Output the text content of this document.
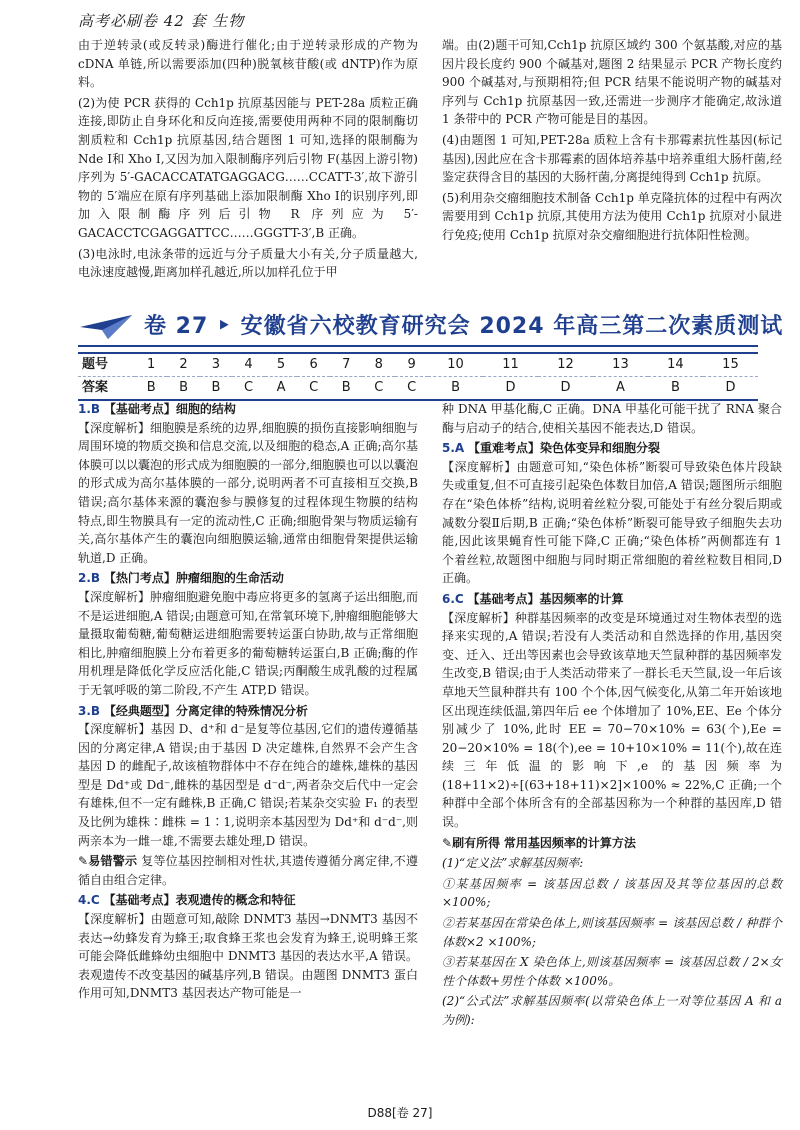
高考必刷卷 42 套 生物

由于逆转录(或反转录)酶进行催化;由于逆转录形成的产物为 cDNA 单链,所以需要添加(四种)脱氧核苷酸(或 dNTP)作为原料。

(2)为使 PCR 获得的 Cch1p 抗原基因能与 PET-28a 质粒正确连接,即防止自身环化和反向连接,需要使用两种不同的限制酶切割质粒和 Cch1p 抗原基因,结合题图 1 可知,选择的限制酶为 Nde Ⅰ和 Xho Ⅰ,又因为加入限制酶序列后引物 F(基因上游引物)序列为 5′-GACACCATATGAGGACG……CCATT-3′,故下游引物的 5′端应在原有序列基础上添加限制酶 Xho Ⅰ的识别序列,即加入限制酶序列后引物 R 序列应为 5′-GACACCTCGAGGATTCC……GGGTT-3′,B 正确。

(3)电泳时,电泳条带的远近与分子质量大小有关,分子质量越大,电泳速度越慢,距离加样孔越近,所以加样孔位于甲

端。由(2)题干可知,Cch1p 抗原区域约 300 个氨基酸,对应的基因片段长度约 900 个碱基对,题图 2 结果显示 PCR 产物长度约 900 个碱基对,与预期相符;但 PCR 结果不能说明产物的碱基对序列与 Cch1p 抗原基因一致,还需进一步测序才能确定,故泳道 1 条带中的 PCR 产物可能是目的基因。

(4)由题图 1 可知,PET-28a 质粒上含有卡那霉素抗性基因(标记基因),因此应在含卡那霉素的固体培养基中培养重组大肠杆菌,经鉴定获得含目的基因的大肠杆菌,分离提纯得到 Cch1p 抗原。

(5)利用杂交瘤细胞技术制备 Cch1p 单克隆抗体的过程中有两次需要用到 Cch1p 抗原,其使用方法为使用 Cch1p 抗原对小鼠进行免疫;使用 Cch1p 抗原对杂交瘤细胞进行抗体阳性检测。

卷 27 ‣ 安徽省六校教育研究会 2024 年高三第二次素质测试
题号	1	2	3	4	5	6	7	8	9	10	11	12	13	14	15
答案	B	B	B	C	A	C	B	C	C	B	D	D	A	B	D

1.B 【基础考点】细胞的结构
【深度解析】细胞膜是系统的边界,细胞膜的损伤直接影响细胞与周围环境的物质交换和信息交流,以及细胞的稳态,A 正确;高尔基体膜可以以囊泡的形式成为细胞膜的一部分,细胞膜也可以以囊泡的形式成为高尔基体膜的一部分,说明两者不可直接相互交换,B 错误;高尔基体来源的囊泡参与膜修复的过程体现生物膜的结构特点,即生物膜具有一定的流动性,C 正确;细胞骨架与物质运输有关,高尔基体产生的囊泡向细胞膜运输,通常由细胞骨架提供运输轨道,D 正确。

2.B 【热门考点】肿瘤细胞的生命活动
【深度解析】肿瘤细胞避免胞中毒应将更多的氢离子运出细胞,而不是运进细胞,A 错误;由题意可知,在常氧环境下,肿瘤细胞能够大量摄取葡萄糖,葡萄糖运进细胞需要转运蛋白协助,故与正常细胞相比,肿瘤细胞膜上分布着更多的葡萄糖转运蛋白,B 正确;酶的作用机理是降低化学反应活化能,C 错误;丙酮酸生成乳酸的过程属于无氧呼吸的第二阶段,不产生 ATP,D 错误。

3.B 【经典题型】分离定律的特殊情况分析
【深度解析】基因 D、d⁺和 d⁻是复等位基因,它们的遗传遵循基因的分离定律,A 错误;由于基因 D 决定雄株,自然界不会产生含基因 D 的雌配子,故该植物群体中不存在纯合的雄株,雄株的基因型是 Dd⁺或 Dd⁻,雌株的基因型是 d⁻d⁻,两者杂交后代中一定会有雄株,但不一定有雌株,B 正确,C 错误;若某杂交实验 F₁ 的表型及比例为雄株∶雌株 = 1∶1,说明亲本基因型为 Dd⁺和 d⁻d⁻,则两亲本为一雌一雄,不需要去雄处理,D 错误。

✎易错警示 复等位基因控制相对性状,其遗传遵循分离定律,不遵循自由组合定律。

4.C 【基础考点】表观遗传的概念和特征
【深度解析】由题意可知,敲除 DNMT3 基因→DNMT3 基因不表达→幼蜂发育为蜂王;取食蜂王浆也会发育为蜂王,说明蜂王浆可能会降低雌蜂幼虫细胞中 DNMT3 基因的表达水平,A 错误。表观遗传不改变基因的碱基序列,B 错误。由题图 DNMT3 蛋白作用可知,DNMT3 基因表达产物可能是一

种 DNA 甲基化酶,C 正确。DNA 甲基化可能干扰了 RNA 聚合酶与启动子的结合,使相关基因不能表达,D 错误。

5.A 【重难考点】染色体变异和细胞分裂
【深度解析】由题意可知,“染色体桥”断裂可导致染色体片段缺失或重复,但不可直接引起染色体数目加倍,A 错误;题图所示细胞存在“染色体桥”结构,说明着丝粒分裂,可能处于有丝分裂后期或减数分裂Ⅱ后期,B 正确;“染色体桥”断裂可能导致子细胞失去功能,因此该果蝇育性可能下降,C 正确;“染色体桥”两侧都连有 1 个着丝粒,故题图中细胞与同时期正常细胞的着丝粒数目相同,D 正确。

6.C 【基础考点】基因频率的计算
【深度解析】种群基因频率的改变是环境通过对生物体表型的选择来实现的,A 错误;若没有人类活动和自然选择的作用,基因突变、迁入、迁出等因素也会导致该草地天竺鼠种群的基因频率发生改变,B 错误;由于人类活动带来了一群长毛天竺鼠,设一年后该草地天竺鼠种群共有 100 个个体,因气候变化,从第二年开始该地区出现连续低温,第四年后 ee 个体增加了 10%,EE、Ee 个体分别减少了 10%,此时 EE = 70−70×10% = 63(个),Ee = 20−20×10% = 18(个),ee = 10+10×10% = 11(个),故在连续三年低温的影响下,e 的基因频率为(18+11×2)÷[(63+18+11)×2]×100% ≈ 22%,C 正确;一个种群中全部个体所含有的全部基因称为一个种群的基因库,D 错误。

✎刷有所得 常用基因频率的计算方法

(1)“定义法”求解基因频率:

①某基因频率 = 该基因总数 / 该基因及其等位基因的总数 ×100%;

②若某基因在常染色体上,则该基因频率 = 该基因总数 / 种群个体数×2 ×100%;

③若某基因在 X 染色体上,则该基因频率 = 该基因总数 / 2×女性个体数+男性个体数 ×100%。

(2)“公式法”求解基因频率(以常染色体上一对等位基因 A 和 a 为例):

D88[卷 27]
